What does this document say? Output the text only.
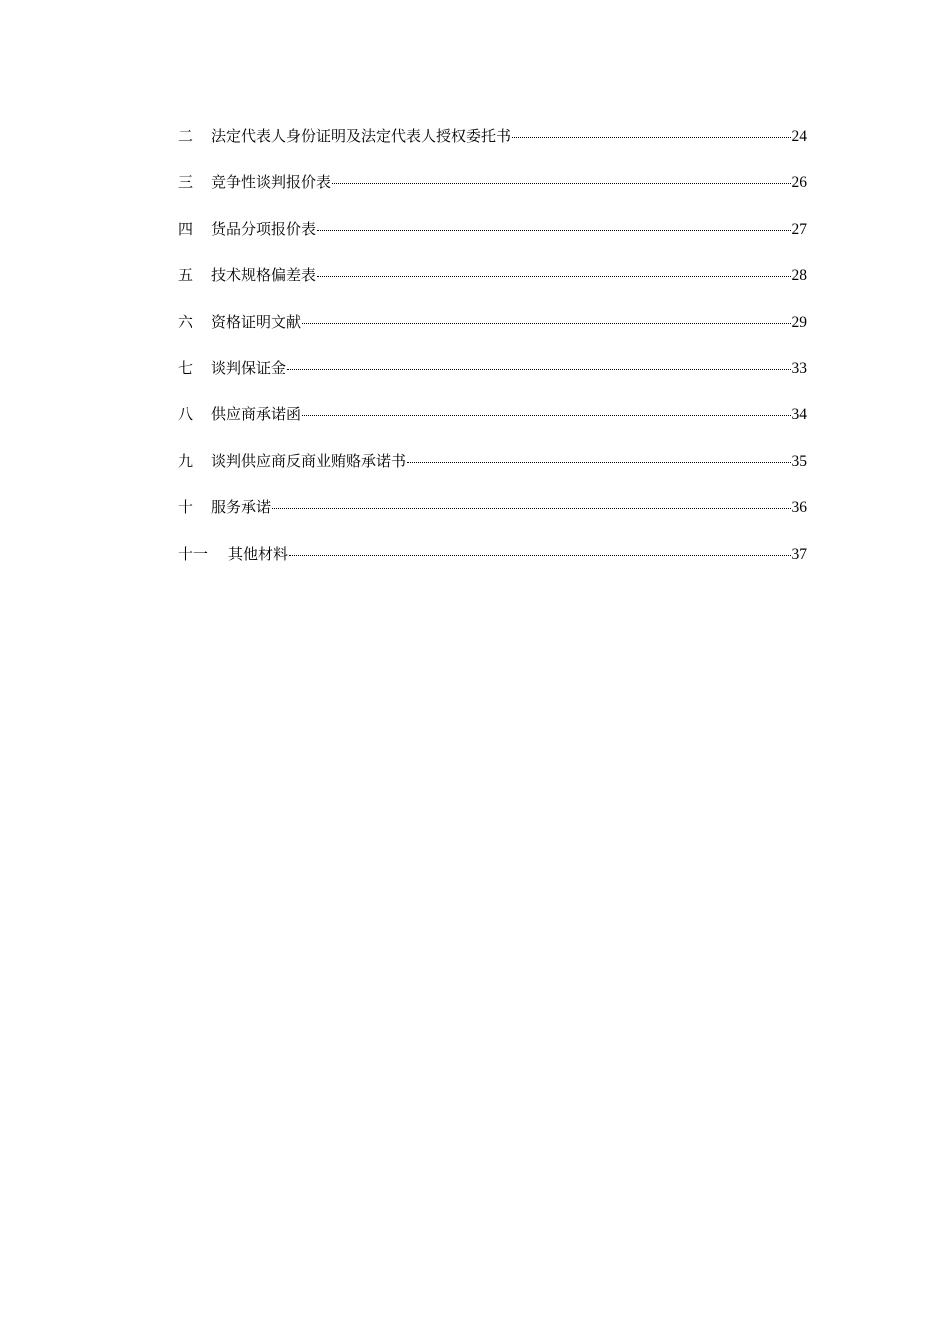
二	法定代表人身份证明及法定代表人授权委托书	24
三	竞争性谈判报价表	26
四	货品分项报价表	27
五	技术规格偏差表	28
六	资格证明文献	29
七	谈判保证金	33
八	供应商承诺函	34
九	谈判供应商反商业贿赂承诺书	35
十	服务承诺	36
十一	其他材料	37
